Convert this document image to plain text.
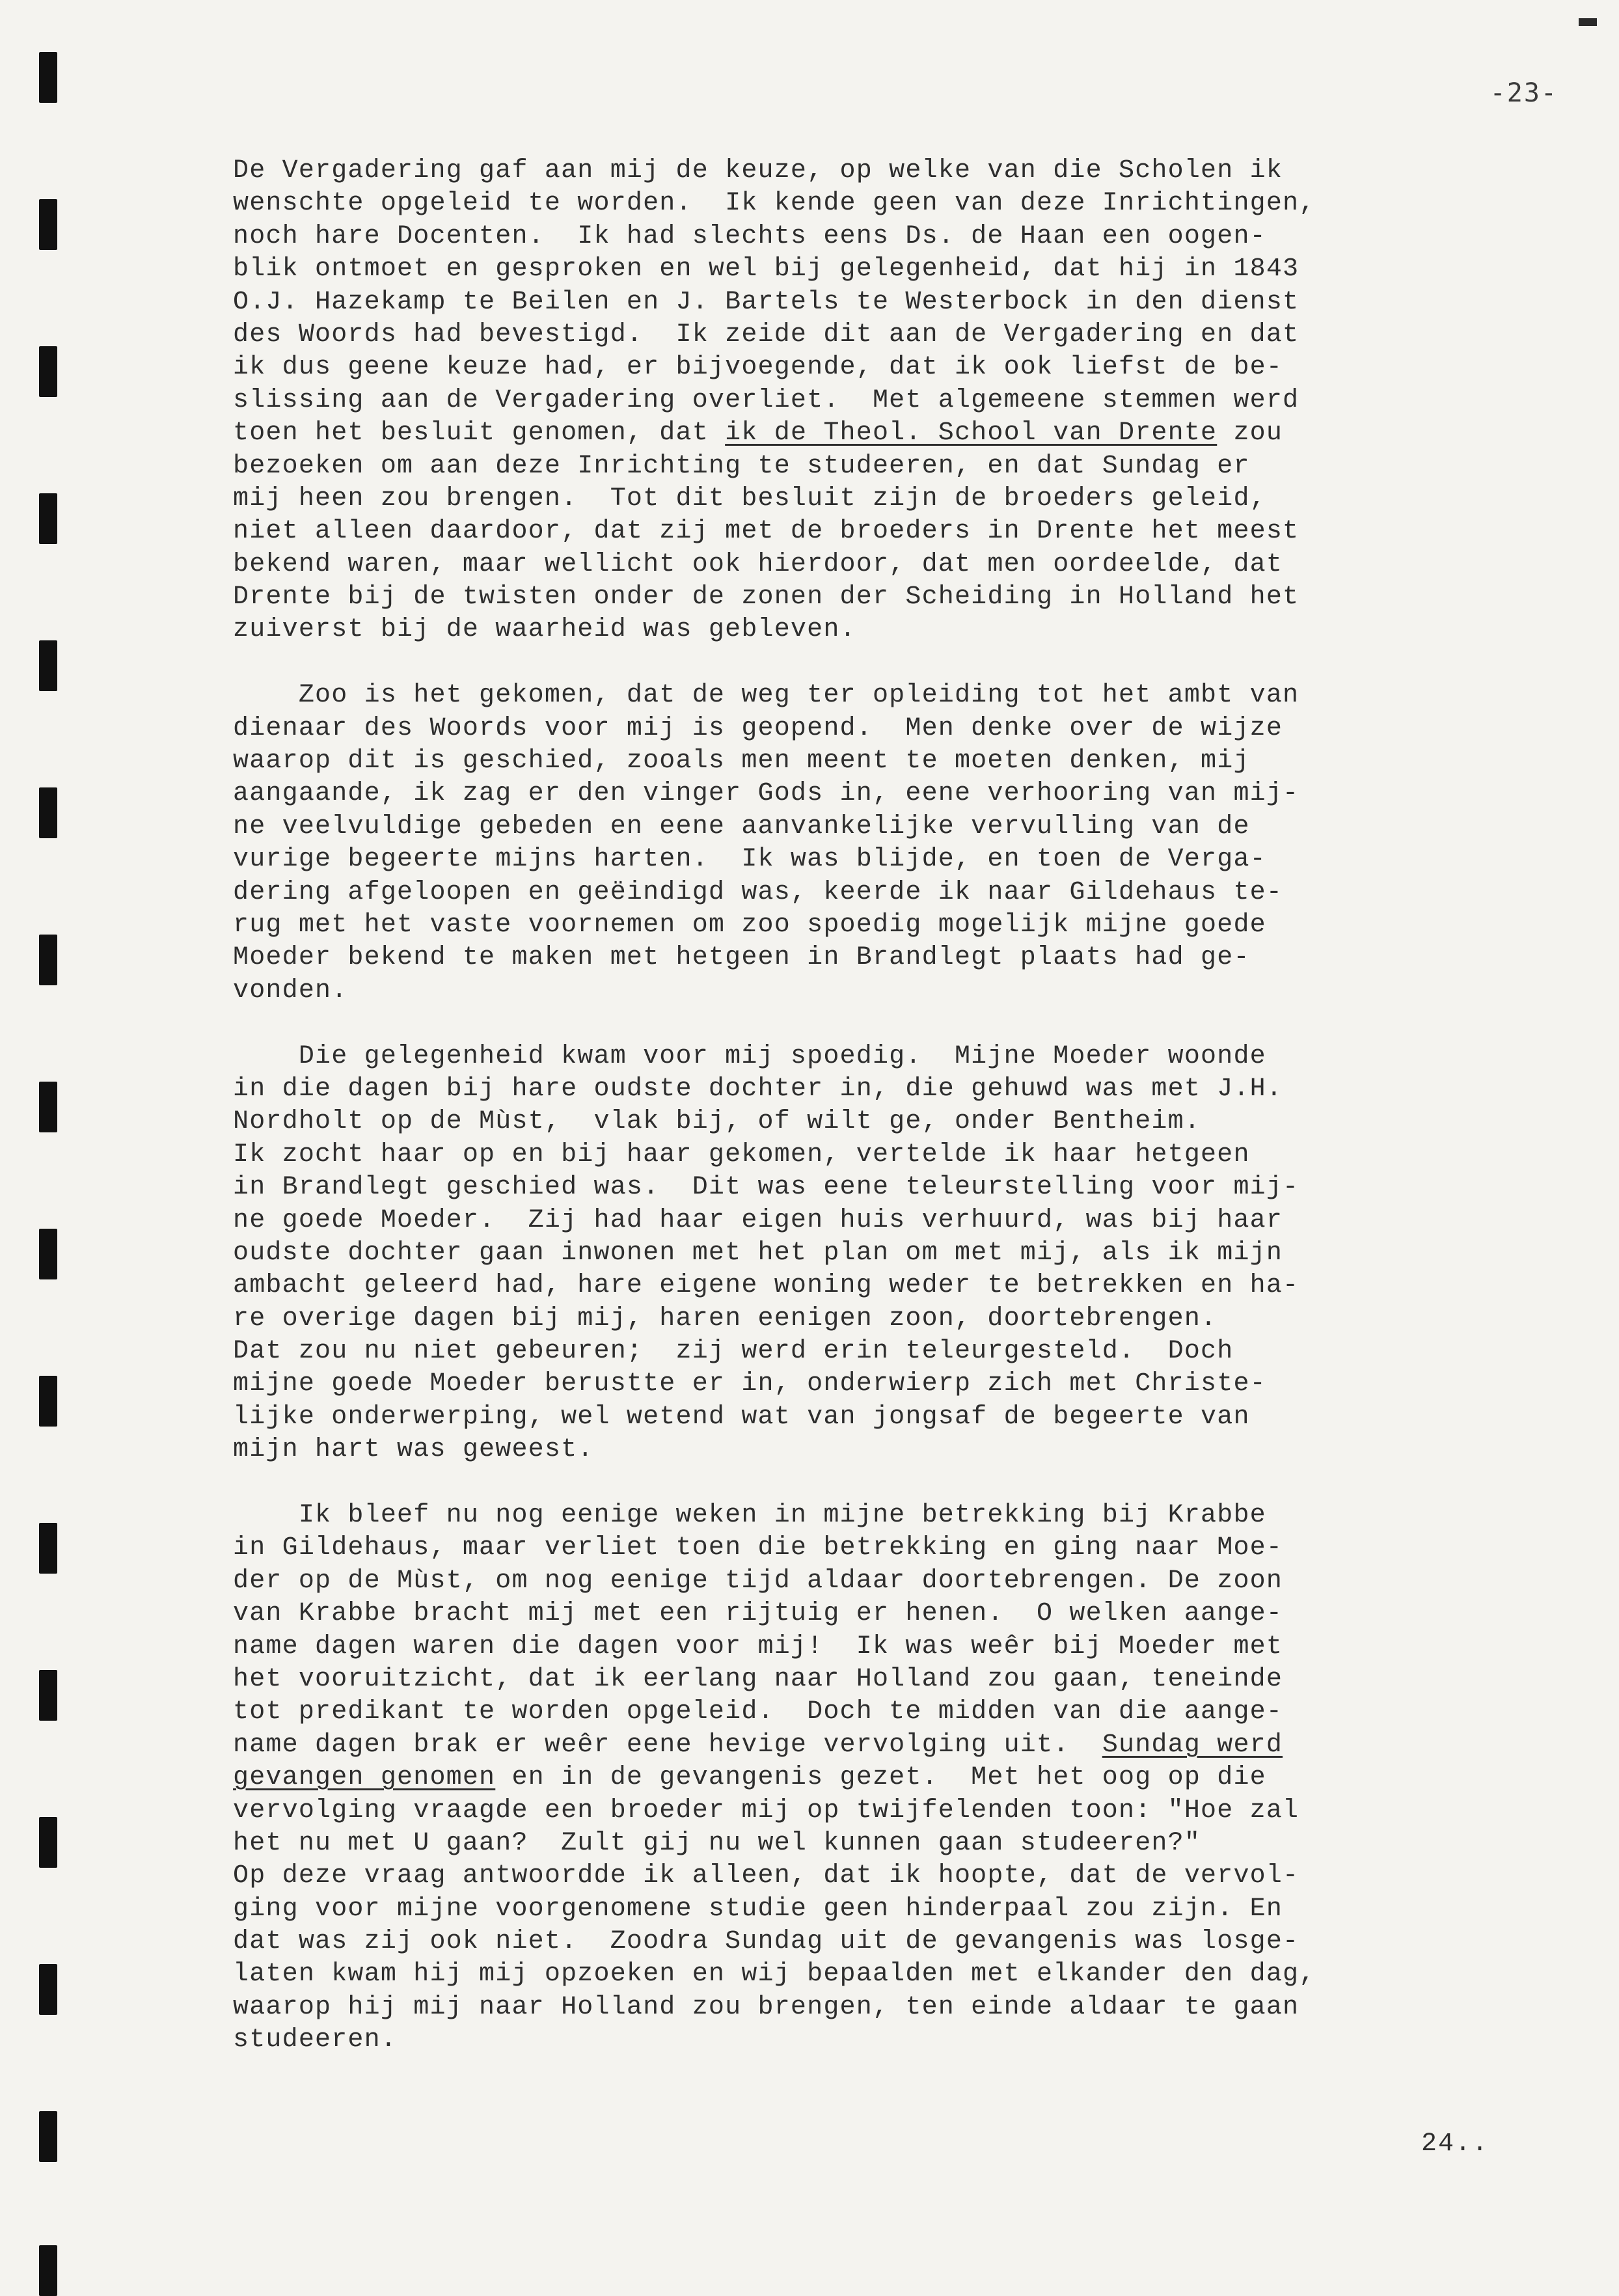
-23-
De Vergadering gaf aan mij de keuze, op welke van die Scholen ik
wenschte opgeleid te worden.  Ik kende geen van deze Inrichtingen,
noch hare Docenten.  Ik had slechts eens Ds. de Haan een oogen-
blik ontmoet en gesproken en wel bij gelegenheid, dat hij in 1843
O.J. Hazekamp te Beilen en J. Bartels te Westerbock in den dienst
des Woords had bevestigd.  Ik zeide dit aan de Vergadering en dat
ik dus geene keuze had, er bijvoegende, dat ik ook liefst de be-
slissing aan de Vergadering overliet.  Met algemeene stemmen werd
toen het besluit genomen, dat ik de Theol. School van Drente zou
bezoeken om aan deze Inrichting te studeeren, en dat Sundag er
mij heen zou brengen.  Tot dit besluit zijn de broeders geleid,
niet alleen daardoor, dat zij met de broeders in Drente het meest
bekend waren, maar wellicht ook hierdoor, dat men oordeelde, dat
Drente bij de twisten onder de zonen der Scheiding in Holland het
zuiverst bij de waarheid was gebleven.
Zoo is het gekomen, dat de weg ter opleiding tot het ambt van
dienaar des Woords voor mij is geopend.  Men denke over de wijze
waarop dit is geschied, zooals men meent te moeten denken, mij
aangaande, ik zag er den vinger Gods in, eene verhooring van mij-
ne veelvuldige gebeden en eene aanvankelijke vervulling van de
vurige begeerte mijns harten.  Ik was blijde, en toen de Verga-
dering afgeloopen en geëindigd was, keerde ik naar Gildehaus te-
rug met het vaste voornemen om zoo spoedig mogelijk mijne goede
Moeder bekend te maken met hetgeen in Brandlegt plaats had ge-
vonden.
Die gelegenheid kwam voor mij spoedig.  Mijne Moeder woonde
in die dagen bij hare oudste dochter in, die gehuwd was met J.H.
Nordholt op de Mùst,  vlak bij, of wilt ge, onder Bentheim.
Ik zocht haar op en bij haar gekomen, vertelde ik haar hetgeen
in Brandlegt geschied was.  Dit was eene teleurstelling voor mij-
ne goede Moeder.  Zij had haar eigen huis verhuurd, was bij haar
oudste dochter gaan inwonen met het plan om met mij, als ik mijn
ambacht geleerd had, hare eigene woning weder te betrekken en ha-
re overige dagen bij mij, haren eenigen zoon, doortebrengen.
Dat zou nu niet gebeuren;  zij werd erin teleurgesteld.  Doch
mijne goede Moeder berustte er in, onderwierp zich met Christe-
lijke onderwerping, wel wetend wat van jongsaf de begeerte van
mijn hart was geweest.
Ik bleef nu nog eenige weken in mijne betrekking bij Krabbe
in Gildehaus, maar verliet toen die betrekking en ging naar Moe-
der op de Mùst, om nog eenige tijd aldaar doortebrengen. De zoon
van Krabbe bracht mij met een rijtuig er henen.  O welken aange-
name dagen waren die dagen voor mij!  Ik was weêr bij Moeder met
het vooruitzicht, dat ik eerlang naar Holland zou gaan, teneinde
tot predikant te worden opgeleid.  Doch te midden van die aange-
name dagen brak er weêr eene hevige vervolging uit.  Sundag werd
gevangen genomen en in de gevangenis gezet.  Met het oog op die
vervolging vraagde een broeder mij op twijfelenden toon: "Hoe zal
het nu met U gaan?  Zult gij nu wel kunnen gaan studeeren?"
Op deze vraag antwoordde ik alleen, dat ik hoopte, dat de vervol-
ging voor mijne voorgenomene studie geen hinderpaal zou zijn. En
dat was zij ook niet.  Zoodra Sundag uit de gevangenis was losge-
laten kwam hij mij opzoeken en wij bepaalden met elkander den dag,
waarop hij mij naar Holland zou brengen, ten einde aldaar te gaan
studeeren.
24..
